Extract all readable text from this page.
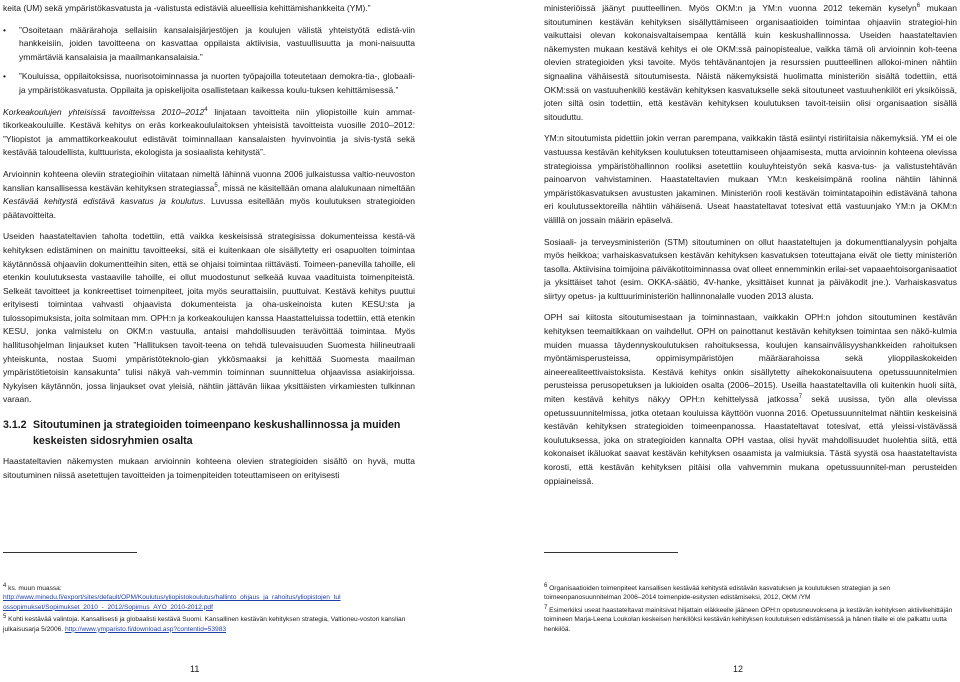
keita (UM) sekä ympäristökasvatusta ja -valistusta edistäviä alueellisia kehittämishankkeita (YM).”

• ”Osoitetaan määrärahoja sellaisiin kansalaisjärjestöjen ja koulujen välistä yhteistyötä edistä-viin hankkeisiin, joiden tavoitteena on kasvattaa oppilaista aktiivisia, vastuullisuutta ja moni-naisuutta ymmärtäviä kansalaisia ja maailmankansalaisia.”
• ”Kouluissa, oppilaitoksissa, nuorisotoiminnassa ja nuorten työpajoilla toteutetaan demokra-tia-, globaali- ja ympäristökasvatusta. Oppilaita ja opiskelijoita osallistetaan kaikessa koulu-tuksen kehittämisessä.”

Korkeakoulujen yhteisissä tavoitteissa 2010–2012$^4$ linjataan tavoitteita niin yliopistoille kuin ammat-tikorkeakouluille. Kestävä kehitys on eräs korkeakoululaitoksen yhteisistä tavoitteista vuosille 2010–2012: ”Yliopistot ja ammattikorkeakoulut edistävät toiminnallaan kansalaisten hyvinvointia ja sivis-tystä sekä kestävää taloudellista, kulttuurista, ekologista ja sosiaalista kehitystä”.

Arvioinnin kohteena oleviin strategioihin viitataan nimeltä lähinnä vuonna 2006 julkaistussa valtio-neuvoston kanslian kansallisessa kestävän kehityksen strategiassa$^5$, missä ne käsitellään omana alalukunaan nimeltään Kestävää kehitystä edistävä kasvatus ja koulutus. Luvussa esitellään myös koulutuksen strategioiden päätavoitteita.

Useiden haastateltavien taholta todettiin, että vaikka keskeisissä strategisissa dokumenteissa kestä-vä kehityksen edistäminen on mainittu tavoitteeksi, sitä ei kuitenkaan ole sisällytetty eri osapuolten toimintaa käytännössä ohjaaviin dokumentteihin siten, että se ohjaisi toimintaa riittävästi. Toimeen-panevilla tahoille, eli etenkin koulutuksesta vastaaville tahoille, ei ollut muodostunut selkeää kuvaa vaadituista toimenpiteistä. Selkeät tavoitteet ja konkreettiset toimenpiteet, joita myös seurattaisiin, puuttuivat. Kestävä kehitys puuttui erityisesti toimintaa vahvasti ohjaavista dokumenteista ja oha-uskeinoista kuten KESU:sta ja tulossopimuksista, joita solmitaan mm. OPH:n ja korkeakoulujen kanssa Haastatteluissa todettiin, että etenkin KESU, jonka valmistelu on OKM:n vastuulla, antaisi mahdollisuuden terävöittää toimintaa. Myös hallitusohjelman linjaukset kuten ”Hallituksen tavoit-teena on tehdä tulevaisuuden Suomesta hiilineutraali yhteiskunta, nostaa Suomi ympäristöteknolo-gian ykkösmaaksi ja kehittää Suomesta maailman ympäristötietoisin kansakunta” tulisi näkyä vah-vemmin toiminnan suunnittelua ohjaavissa asiakirjoissa. Nykyisen käytännön, jossa linjaukset ovat yleisiä, nähtiin jättävän liikaa yksittäisten virkamiesten tulkinnan varaan.

3.1.2 Sitoutuminen ja strategioiden toimeenpano keskushallinnossa ja muiden
keskeisten sidosryhmien osalta

Haastateltavien näkemysten mukaan arvioinnin kohteena olevien strategioiden sisältö on hyvä, mutta sitoutuminen niissä asetettujen tavoitteiden ja toimenpiteiden toteuttamiseen on erityisesti

ministeriöissä jäänyt puutteellinen. Myös OKM:n ja YM:n vuonna 2012 tekemän kyselyn$^6$ mukaan sitoutuminen kestävän kehityksen sisällyttämiseen organisaatioiden toimintaa ohjaaviin strategioi-hin vaikuttaisi olevan kokonaisvaltaisempaa kentällä kuin keskushallinnossa. Useiden haastateltavien näkemysten mukaan kestävä kehitys ei ole OKM:ssä painopistealue, vaikka tämä oli arvioinnin koh-teena olevien strategioiden yksi tavoite. Myös tehtävänantojen ja resurssien puutteellinen allokoi-minen nähtiin signaalina vähäisestä sitoutumisesta. Näistä näkemyksistä huolimatta ministeriön sisältä todettiin, että OKM:ssä on vastuuhenkilö kestävän kehityksen kasvatukselle sekä sitoutuneet vastuuhenkilöt eri yksiköissä, joten siltä osin todettiin, että kestävän kehityksen koulutuksen tavoit-teisiin olisi organisaation sisällä sitouduttu.

YM:n sitoutumista pidettiin jokin verran parempana, vaikkakin tästä esiintyi ristiriitaisia näkemyksiä. YM ei ole vastuussa kestävän kehityksen koulutuksen toteuttamiseen ohjaamisesta, mutta arvioinnin kohteena olevissa strategioissa ympäristöhallinnon rooliksi asetettiin kouluyhteistyön sekä kasva-tus- ja valistustehtävän painoarvon vahvistaminen. Haastateltavien mukaan YM:n keskeisimpänä roolina nähtiin lähinnä ympäristökasvatuksen avustusten jakaminen. Ministeriön rooli kestävän toimintatapoihin edistävänä tahona eri koulutussektoreilla nähtiin vähäisenä. Useat haastateltavat totesivat että vastuunjako YM:n ja OKM:n välillä on jossain määrin epäselvä.

Sosiaali- ja terveysministeriön (STM) sitoutuminen on ollut haastateltujen ja dokumenttianalyysin pohjalta myös heikkoa; varhaiskasvatuksen kestävän kehityksen kasvatuksen toteuttajana eivät ole tietty ministeriön tasolla. Aktiivisina toimijoina päiväkotitoiminnassa ovat olleet ennemminkin erilai-set vapaaehtoisorganisaatiot ja yksittäiset tahot (esim. OKKA-säätiö, 4V-hanke, yksittäiset kunnat ja päiväkodit jne.). Varhaiskasvatus siirtyy opetus- ja kulttuuriministeriön hallinnonalalle vuoden 2013 alusta.

OPH sai kiitosta sitoutumisestaan ja toiminnastaan, vaikkakin OPH:n johdon sitoutuminen kestävän kehityksen teemaitikkaan on vaihdellut. OPH on painottanut kestävän kehityksen toimintaa sen näkö-kulmia muiden muassa täydennyskoulutuksen rahoituksessa, koulujen kansainvälisyyshankkeiden rahoituksen myöntämisperusteissa, oppimisympäristöjen määräarahoissa sekä ylioppilaskokeiden aineerealiteettivaistoksista. Kestävä kehitys onkin sisällytetty aihekokonaisuutena opetussuunnitelmien perusteissa perusopetuksen ja lukioiden osalta (2006–2015). Useilla haastateltavilla oli kuitenkin huoli siitä, miten kestävä kehitys näkyy OPH:n kehittelyssä jatkossa$^7$ sekä uusissa, työn alla olevissa opetussuunnitelmissa, jotka otetaan kouluissa käyttöön vuonna 2016. Opetussuunnitelmat nähtiin keskeisinä kestävän kehityksen strategioiden toimeenpanossa. Haastateltavat totesivat, että yleissi-vistävässä koulutuksessa, joka on strategioiden kannalta OPH vastaa, olisi hyvät mahdollisuudet huolehtia siitä, että kokonaiset ikäluokat saavat kestävän kehityksen osaamista ja valmiuksia. Tästä syystä osa haastateltavista korosti, että kestävän kehityksen pitäisi olla vahvemmin mukana opetussuunnitel-man perusteiden oppiaineissä.

$^4$ ks. muun muassa:
http://www.minedu.fi/export/sites/default/OPM/Koulutus/yliopistokoulutus/hallinto_ohjaus_ja_rahoitus/yliopistojen_tul
ossopimukset/Sopimukset_2010_-_2012/Sopimus_AYO_2010-2012.pdf
$^5$ Kohti kestävää valintoja. Kansallisesti ja globaalisti kestävä Suomi. Kansallinen kestävän kehityksen strategia, Valtioneu-voston kanslian julkaisusarja 5/2006. http://www.ymparisto.fi/download.asp?contentid=53983
$^6$ Organisaatioiden toimenpiteet kansallisen kestävää kehitystä edistävän kasvatuksen ja koulutuksen strategian ja sen toimeenpanosuunnitelman 2006–2014 toimenpide-esitysten edistämiseksi, 2012, OKM /YM
$^7$ Esimerkiksi useat haastateltavat mainitsivat hiljattain eläkkeelle jääneen OPH:n opetusneuvoksena ja kestävän kehityksen aktiivikehittäjän toimineen Marja-Leena Loukolan keskeisen henkilöksi kestävän kehityksen koulutuksen edistämisessä ja hänen tilalle ei ole palkattu uutta henkilöä.
11	12
